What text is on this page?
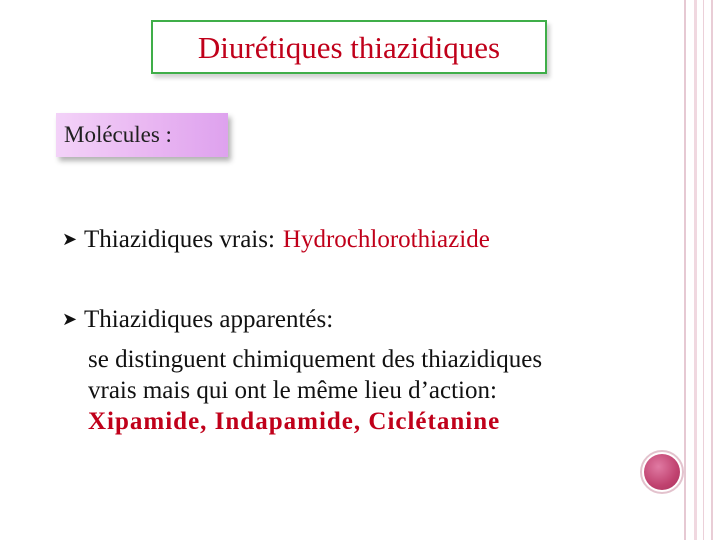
Diurétiques thiazidiques
Molécules :
➤ Thiazidiques vrais: Hydrochlorothiazide
➤ Thiazidiques apparentés:
se distinguent chimiquement des thiazidiques
vrais mais qui ont le même lieu d’action:
Xipamide, Indapamide, Ciclétanine
